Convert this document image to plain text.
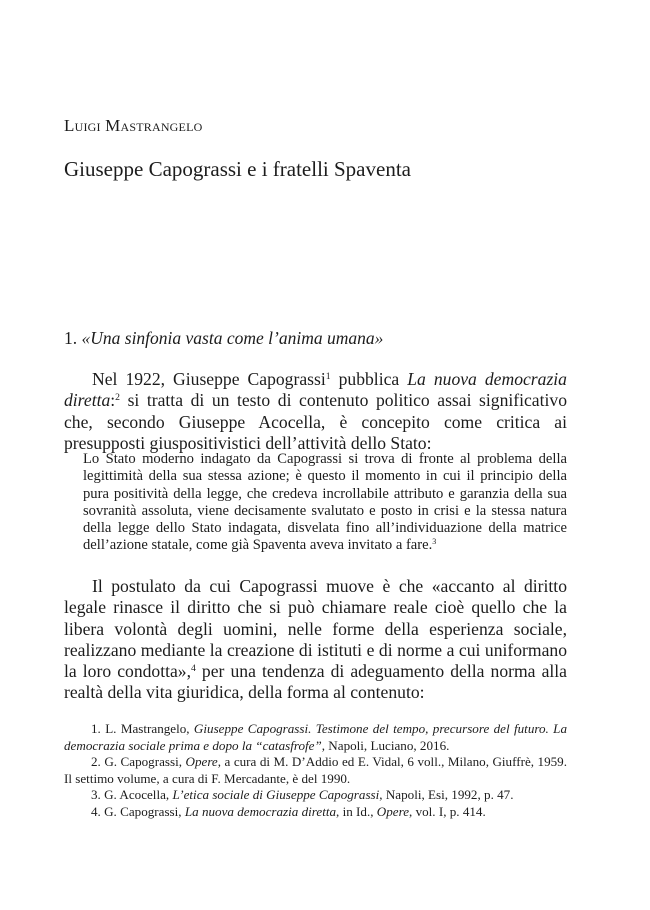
Luigi Mastrangelo
Giuseppe Capograssi e i fratelli Spaventa
1. «Una sinfonia vasta come l’anima umana»

Nel 1922, Giuseppe Capograssi$^1$ pubblica La nuova democrazia diretta:$^2$ si tratta di un testo di contenuto politico assai significativo che, secondo Giuseppe Acocella, è concepito come critica ai presupposti giuspositivistici dell’attività dello Stato:

Lo Stato moderno indagato da Capograssi si trova di fronte al problema della legittimità della sua stessa azione; è questo il momento in cui il principio della pura positività della legge, che credeva incrollabile attributo e garanzia della sua sovranità assoluta, viene decisamente svalutato e posto in crisi e la stessa natura della legge dello Stato indagata, disvelata fino all’individuazione della matrice dell’azione statale, come già Spaventa aveva invitato a fare.$^3$

Il postulato da cui Capograssi muove è che «accanto al diritto legale rinasce il diritto che si può chiamare reale cioè quello che la libera volontà degli uomini, nelle forme della esperienza sociale, realizzano mediante la creazione di istituti e di norme a cui uniformano la loro condotta»,$^4$ per una tendenza di adeguamento della norma alla realtà della vita giuridica, della forma al contenuto:

1. L. Mastrangelo, Giuseppe Capograssi. Testimone del tempo, precursore del futuro. La democrazia sociale prima e dopo la “catasfrofe”, Napoli, Luciano, 2016.

2. G. Capograssi, Opere, a cura di M. D’Addio ed E. Vidal, 6 voll., Milano, Giuffrè, 1959. Il settimo volume, a cura di F. Mercadante, è del 1990.

3. G. Acocella, L’etica sociale di Giuseppe Capograssi, Napoli, Esi, 1992, p. 47.

4. G. Capograssi, La nuova democrazia diretta, in Id., Opere, vol. I, p. 414.
